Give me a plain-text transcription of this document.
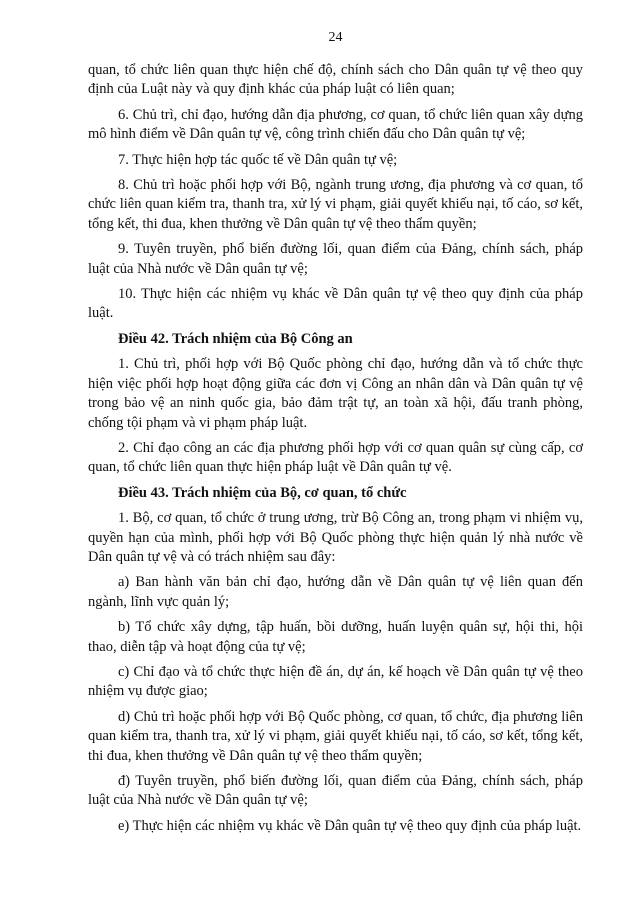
24

quan, tổ chức liên quan thực hiện chế độ, chính sách cho Dân quân tự vệ theo quy định của Luật này và quy định khác của pháp luật có liên quan;

6. Chủ trì, chỉ đạo, hướng dẫn địa phương, cơ quan, tổ chức liên quan xây dựng mô hình điểm về Dân quân tự vệ, công trình chiến đấu cho Dân quân tự vệ;

7. Thực hiện hợp tác quốc tế về Dân quân tự vệ;

8. Chủ trì hoặc phối hợp với Bộ, ngành trung ương, địa phương và cơ quan, tổ chức liên quan kiểm tra, thanh tra, xử lý vi phạm, giải quyết khiếu nại, tố cáo, sơ kết, tổng kết, thi đua, khen thưởng về Dân quân tự vệ theo thẩm quyền;

9. Tuyên truyền, phổ biến đường lối, quan điểm của Đảng, chính sách, pháp luật của Nhà nước về Dân quân tự vệ;

10. Thực hiện các nhiệm vụ khác về Dân quân tự vệ theo quy định của pháp luật.

Điều 42. Trách nhiệm của Bộ Công an

1. Chủ trì, phối hợp với Bộ Quốc phòng chỉ đạo, hướng dẫn và tổ chức thực hiện việc phối hợp hoạt động giữa các đơn vị Công an nhân dân và Dân quân tự vệ trong bảo vệ an ninh quốc gia, bảo đảm trật tự, an toàn xã hội, đấu tranh phòng, chống tội phạm và vi phạm pháp luật.

2. Chỉ đạo công an các địa phương phối hợp với cơ quan quân sự cùng cấp, cơ quan, tổ chức liên quan thực hiện pháp luật về Dân quân tự vệ.

Điều 43. Trách nhiệm của Bộ, cơ quan, tổ chức

1. Bộ, cơ quan, tổ chức ở trung ương, trừ Bộ Công an, trong phạm vi nhiệm vụ, quyền hạn của mình, phối hợp với Bộ Quốc phòng thực hiện quản lý nhà nước về Dân quân tự vệ và có trách nhiệm sau đây:

a) Ban hành văn bản chỉ đạo, hướng dẫn về Dân quân tự vệ liên quan đến ngành, lĩnh vực quản lý;

b) Tổ chức xây dựng, tập huấn, bồi dưỡng, huấn luyện quân sự, hội thi, hội thao, diễn tập và hoạt động của tự vệ;

c) Chỉ đạo và tổ chức thực hiện đề án, dự án, kế hoạch về Dân quân tự vệ theo nhiệm vụ được giao;

d) Chủ trì hoặc phối hợp với Bộ Quốc phòng, cơ quan, tổ chức, địa phương liên quan kiểm tra, thanh tra, xử lý vi phạm, giải quyết khiếu nại, tố cáo, sơ kết, tổng kết, thi đua, khen thưởng về Dân quân tự vệ theo thẩm quyền;

đ) Tuyên truyền, phổ biến đường lối, quan điểm của Đảng, chính sách, pháp luật của Nhà nước về Dân quân tự vệ;

e) Thực hiện các nhiệm vụ khác về Dân quân tự vệ theo quy định của pháp luật.
